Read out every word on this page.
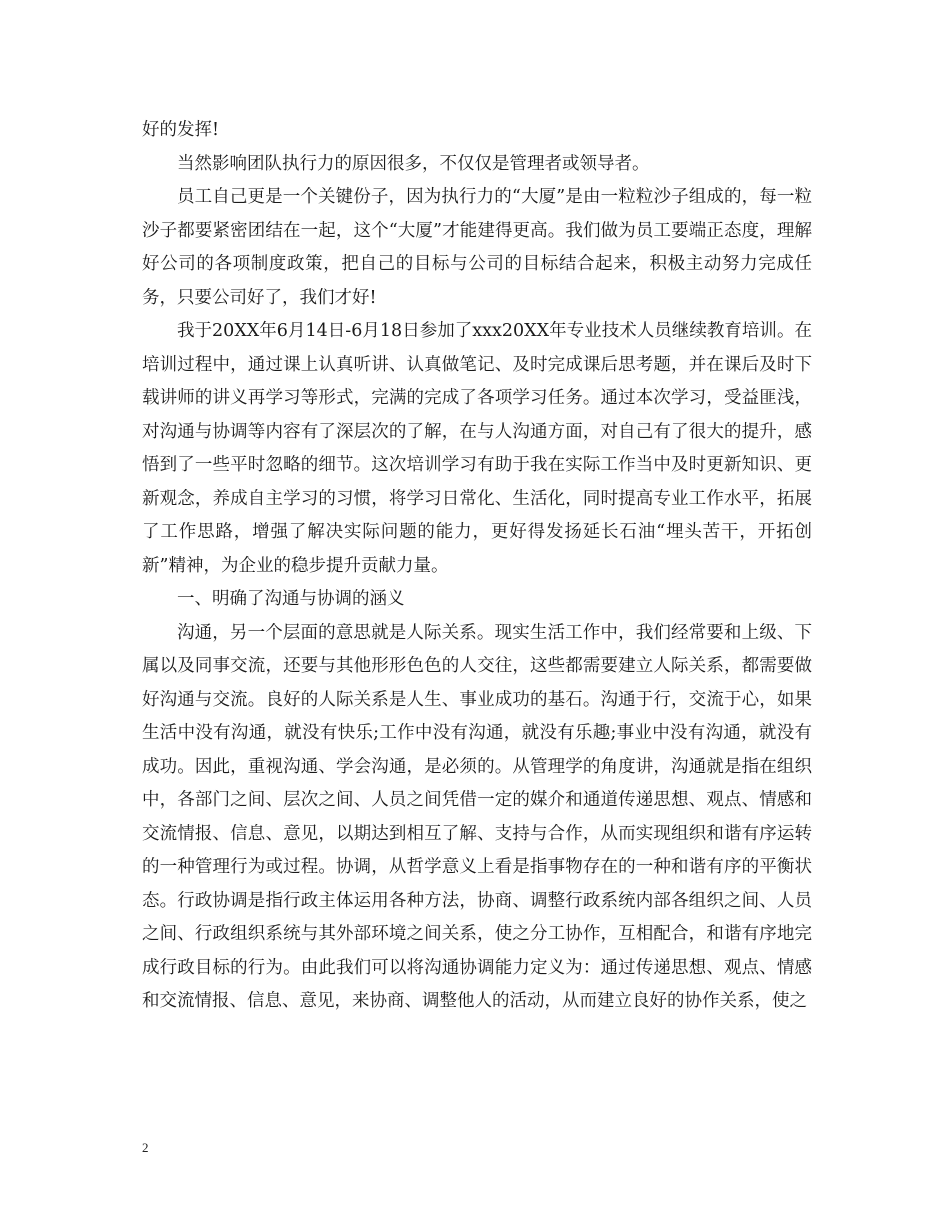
好的发挥!

当然影响团队执行力的原因很多，不仅仅是管理者或领导者。

员工自己更是一个关键份子，因为执行力的“大厦”是由一粒粒沙子组成的，每一粒沙子都要紧密团结在一起，这个“大厦”才能建得更高。我们做为员工要端正态度，理解好公司的各项制度政策，把自己的目标与公司的目标结合起来，积极主动努力完成任务，只要公司好了，我们才好!

我于20XX年6月14日-6月18日参加了xxx20XX年专业技术人员继续教育培训。在培训过程中，通过课上认真听讲、认真做笔记、及时完成课后思考题，并在课后及时下载讲师的讲义再学习等形式，完满的完成了各项学习任务。通过本次学习，受益匪浅，对沟通与协调等内容有了深层次的了解，在与人沟通方面，对自己有了很大的提升，感悟到了一些平时忽略的细节。这次培训学习有助于我在实际工作当中及时更新知识、更新观念，养成自主学习的习惯，将学习日常化、生活化，同时提高专业工作水平，拓展了工作思路，增强了解决实际问题的能力，更好得发扬延长石油“埋头苦干，开拓创新”精神，为企业的稳步提升贡献力量。

一、明确了沟通与协调的涵义

沟通，另一个层面的意思就是人际关系。现实生活工作中，我们经常要和上级、下属以及同事交流，还要与其他形形色色的人交往，这些都需要建立人际关系，都需要做好沟通与交流。良好的人际关系是人生、事业成功的基石。沟通于行，交流于心，如果生活中没有沟通，就没有快乐;工作中没有沟通，就没有乐趣;事业中没有沟通，就没有成功。因此，重视沟通、学会沟通，是必须的。从管理学的角度讲，沟通就是指在组织中，各部门之间、层次之间、人员之间凭借一定的媒介和通道传递思想、观点、情感和交流情报、信息、意见，以期达到相互了解、支持与合作，从而实现组织和谐有序运转的一种管理行为或过程。协调，从哲学意义上看是指事物存在的一种和谐有序的平衡状态。行政协调是指行政主体运用各种方法，协商、调整行政系统内部各组织之间、人员之间、行政组织系统与其外部环境之间关系，使之分工协作，互相配合，和谐有序地完成行政目标的行为。由此我们可以将沟通协调能力定义为：通过传递思想、观点、情感和交流情报、信息、意见，来协商、调整他人的活动，从而建立良好的协作关系，使之

2
